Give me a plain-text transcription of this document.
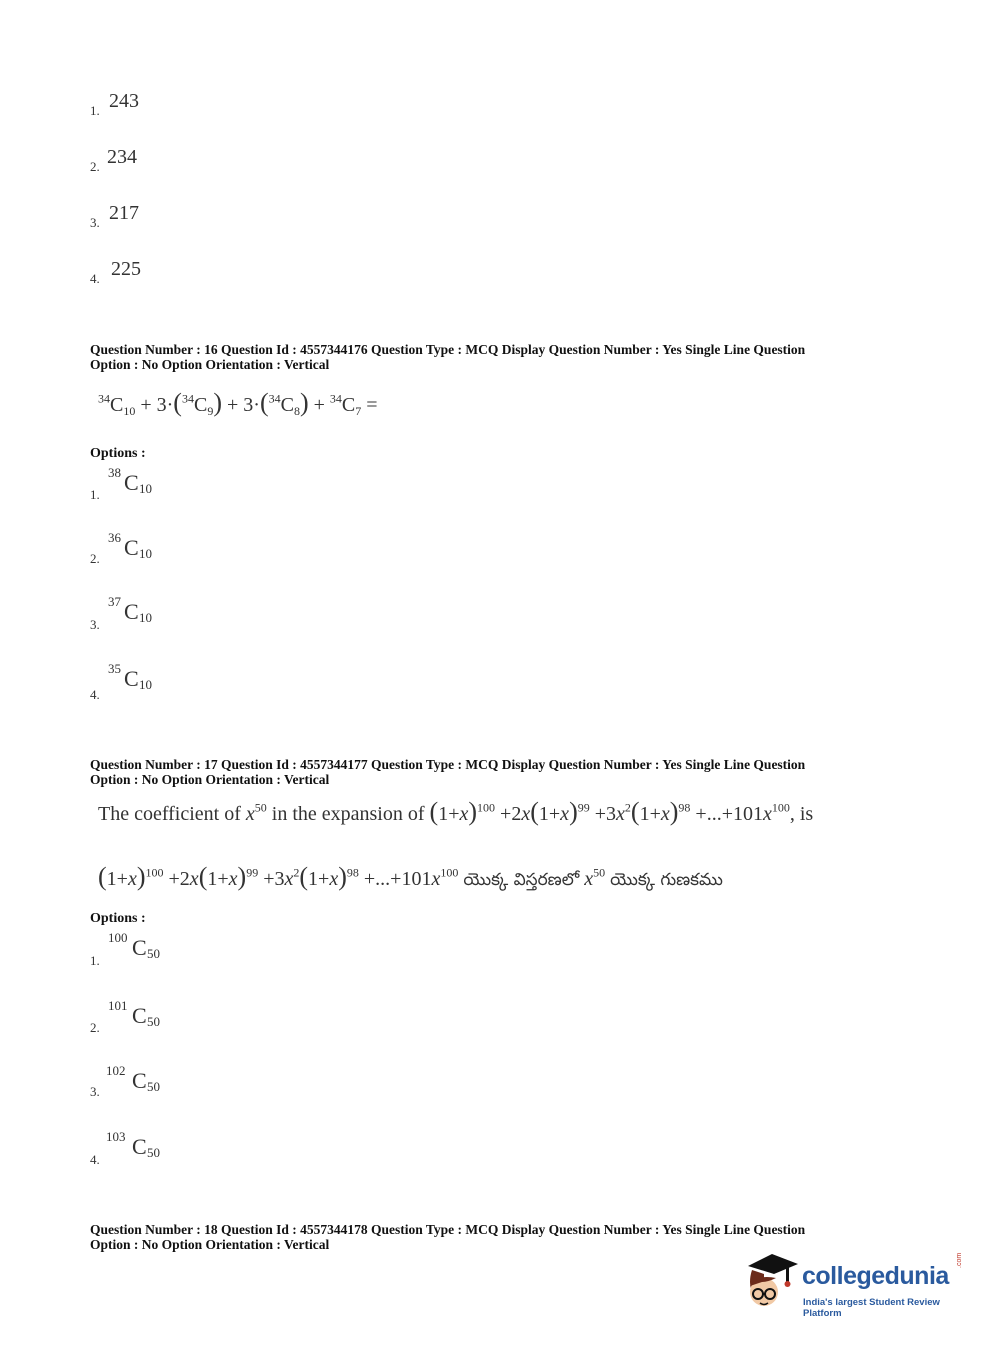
1. 243
2. 234
3. 217
4. 225
Question Number : 16 Question Id : 4557344176 Question Type : MCQ Display Question Number : Yes Single Line Question
Option : No Option Orientation : Vertical
$^{34}C_{10} + 3\cdot(^{34}C_9) + 3\cdot(^{34}C_8) + ^{34}C_7$ =
Options :
1.
38 C 10
2.
36 C 10
3.
37 C 10
4.
35 C 10
Question Number : 17 Question Id : 4557344177 Question Type : MCQ Display Question Number : Yes Single Line Question
Option : No Option Orientation : Vertical
The coefficient of $x^{50}$ in the expansion of $(1+x)^{100} +2x(1+x)^{99} +3x^2(1+x)^{98} +...+101x^{100}$, is
$(1+x)^{100} +2x(1+x)^{99} +3x^2(1+x)^{98} +...+101x^{100}$ యొక్క విస్తరణలో $x^{50}$ యొక్క గుణకము
Options :
1.
100 C 50
2.
101 C 50
3.
102 C 50
4.
103 C 50
Question Number : 18 Question Id : 4557344178 Question Type : MCQ Display Question Number : Yes Single Line Question
Option : No Option Orientation : Vertical
collegedunia
.com
India's largest Student Review Platform
